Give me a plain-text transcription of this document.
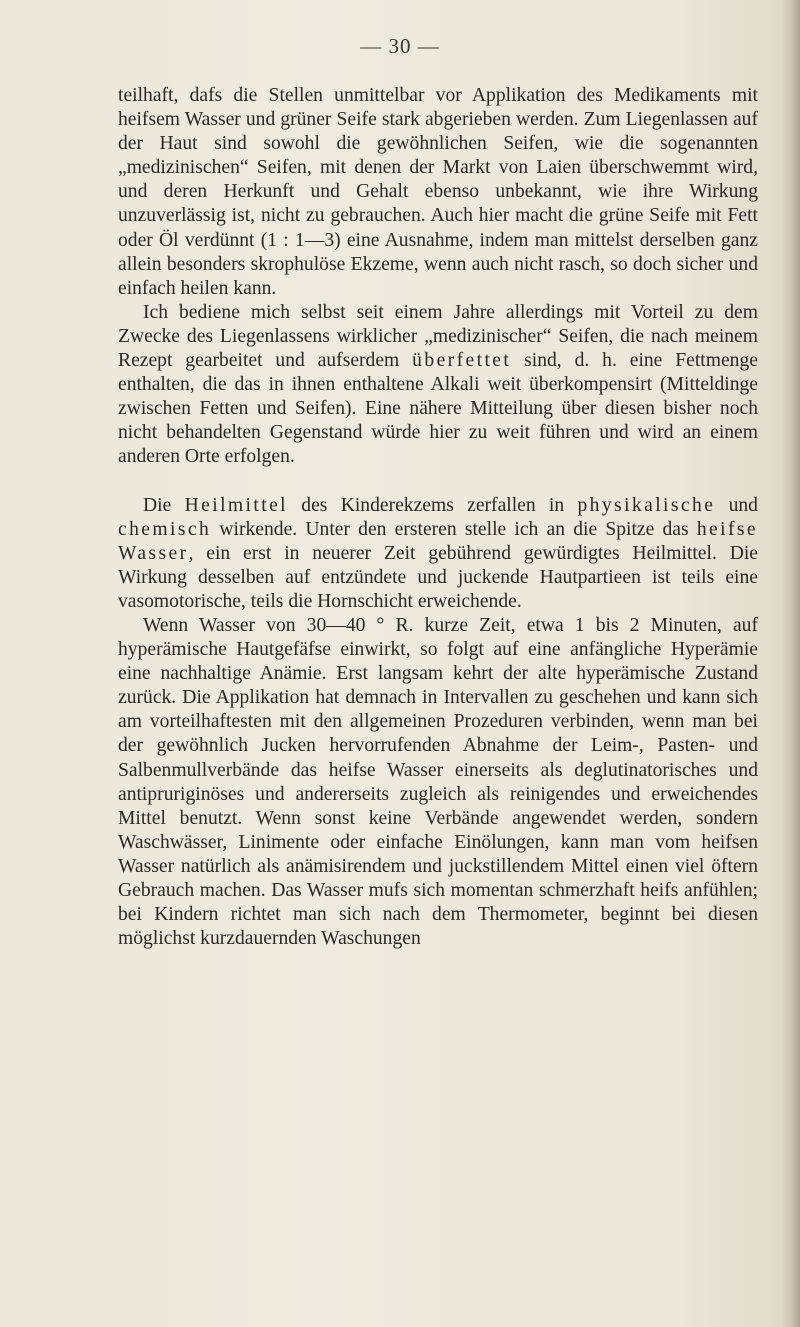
— 30 —

teilhaft, dafs die Stellen unmittelbar vor Applikation des Medikaments mit heifsem Wasser und grüner Seife stark abgerieben werden. Zum Liegenlassen auf der Haut sind sowohl die gewöhnlichen Seifen, wie die sogenannten „medizinischen“ Seifen, mit denen der Markt von Laien überschwemmt wird, und deren Herkunft und Gehalt ebenso unbekannt, wie ihre Wirkung unzuverlässig ist, nicht zu gebrauchen. Auch hier macht die grüne Seife mit Fett oder Öl verdünnt (1 : 1—3) eine Ausnahme, indem man mittelst derselben ganz allein besonders skrophulöse Ekzeme, wenn auch nicht rasch, so doch sicher und einfach heilen kann.

Ich bediene mich selbst seit einem Jahre allerdings mit Vorteil zu dem Zwecke des Liegenlassens wirklicher „medizinischer“ Seifen, die nach meinem Rezept gearbeitet und aufserdem überfettet sind, d. h. eine Fettmenge enthalten, die das in ihnen enthaltene Alkali weit überkompensirt (Mitteldinge zwischen Fetten und Seifen). Eine nähere Mitteilung über diesen bisher noch nicht behandelten Gegenstand würde hier zu weit führen und wird an einem anderen Orte erfolgen.

Die Heilmittel des Kinderekzems zerfallen in physikalische und chemisch wirkende. Unter den ersteren stelle ich an die Spitze das heifse Wasser, ein erst in neuerer Zeit gebührend gewürdigtes Heilmittel. Die Wirkung desselben auf entzündete und juckende Hautpartieen ist teils eine vasomotorische, teils die Hornschicht erweichende.

Wenn Wasser von 30—40 ° R. kurze Zeit, etwa 1 bis 2 Minuten, auf hyperämische Hautgefäfse einwirkt, so folgt auf eine anfängliche Hyperämie eine nachhaltige Anämie. Erst langsam kehrt der alte hyperämische Zustand zurück. Die Applikation hat demnach in Intervallen zu geschehen und kann sich am vorteilhaftesten mit den allgemeinen Prozeduren verbinden, wenn man bei der gewöhnlich Jucken hervorrufenden Abnahme der Leim-, Pasten- und Salbenmullverbände das heifse Wasser einerseits als deglutinatorisches und antipruriginöses und andererseits zugleich als reinigendes und erweichendes Mittel benutzt. Wenn sonst keine Verbände angewendet werden, sondern Waschwässer, Linimente oder einfache Einölungen, kann man vom heifsen Wasser natürlich als anämisirendem und juckstillendem Mittel einen viel öftern Gebrauch machen. Das Wasser mufs sich momentan schmerzhaft heifs anfühlen; bei Kindern richtet man sich nach dem Thermometer, beginnt bei diesen möglichst kurzdauernden Waschungen
